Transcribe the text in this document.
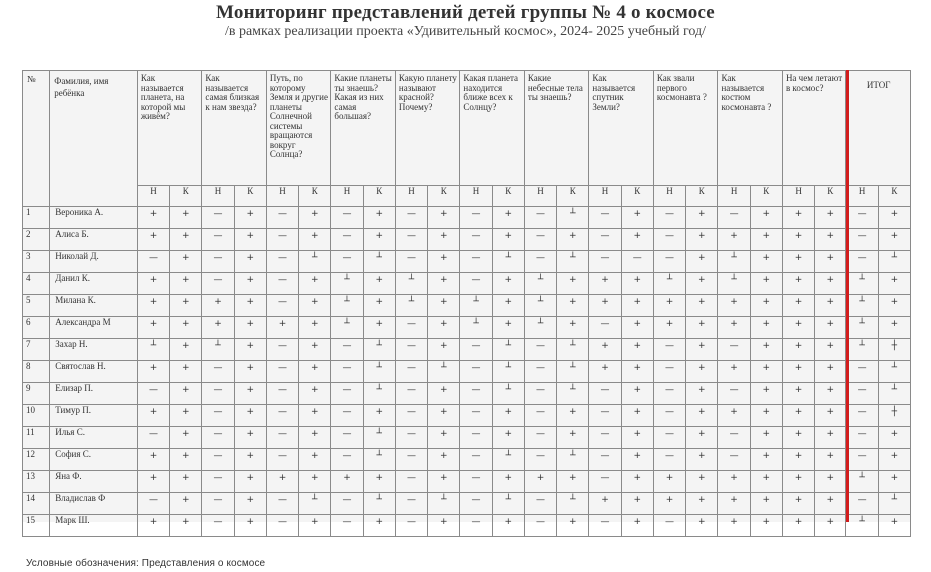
Мониторинг представлений детей группы № 4 о космосе
/в рамках реализации проекта «Удивительный космос», 2024- 2025 учебный год/
№	Фамилия, имя ребёнка	Как называется планета, на которой мы живём?		Как называется самая близкая к нам звезда?		Путь, по которому Земля и другие планеты Солнечной системы вращаются вокруг Солнца?		Какие планеты ты знаешь? Какая из них самая большая?		Какую планету называют красной? Почему?		Какая планета находится ближе всех к Солнцу?		Какие небесные тела ты знаешь?		Как называется спутник Земли?		Как звали первого космонавта ?		Как называется костюм космонавта ?		На чем летают в космос?		ИТОГ	
		Н	К	Н	К	Н	К	Н	К	Н	К	Н	К	Н	К	Н	К	Н	К	Н	К	Н	К	Н	К
1	Вероника А.	+	+	—	+	—	+	—	+	—	+	—	+	—	┴	—	+	—	+	—	+	+	+	—	+
2	Алиса Б.	+	+	—	+	—	+	—	+	—	+	—	+	—	+	—	+	—	+	+	+	+	+	—	+
3	Николай Д.	—	+	—	+	—	┴	—	┴	—	+	—	┴	—	┴	—	—	—	+	┴	+	+	+	—	┴
4	Данил К.	+	+	—	+	—	+	┴	+	┴	+	—	+	┴	+	+	+	┴	+	┴	+	+	+	┴	+
5	Милана К.	+	+	+	+	—	+	┴	+	┴	+	┴	+	┴	+	+	+	+	+	+	+	+	+	┴	+
6	Александра М	+	+	+	+	+	+	┴	+	—	+	┴	+	┴	+	—	+	+	+	+	+	+	+	┴	+
7	Захар Н.	┴	+	┴	+	—	+	—	┴	—	+	—	┴	—	┴	+	+	—	+	—	+	+	+	┴	┼
8	Святослав Н.	+	+	—	+	—	+	—	┴	—	┴	—	┴	—	┴	+	+	—	+	+	+	+	+	—	┴
9	Елизар П.	—	+	—	+	—	+	—	┴	—	+	—	┴	—	┴	—	+	—	+	—	+	+	+	—	┴
10	Тимур П.	+	+	—	+	—	+	—	+	—	+	—	+	—	+	—	+	—	+	+	+	+	+	—	┼
11	Илья С.	—	+	—	+	—	+	—	┴	—	+	—	+	—	+	—	+	—	+	—	+	+	+	—	+
12	София С.	+	+	—	+	—	+	—	┴	—	+	—	┴	—	┴	—	+	—	+	—	+	+	+	—	+
13	Яна Ф.	+	+	—	+	+	+	+	+	—	+	—	+	+	+	—	+	+	+	+	+	+	+	┴	+
14	Владислав Ф	—	+	—	+	—	┴	—	┴	—	┴	—	┴	—	┴	+	+	+	+	+	+	+	+	—	┴
15	Марк Ш.	+	+	—	+	—	+	—	+	—	+	—	+	—	+	—	+	—	+	+	+	+	+	┴	+
Условные обозначения: Представления о космосе
